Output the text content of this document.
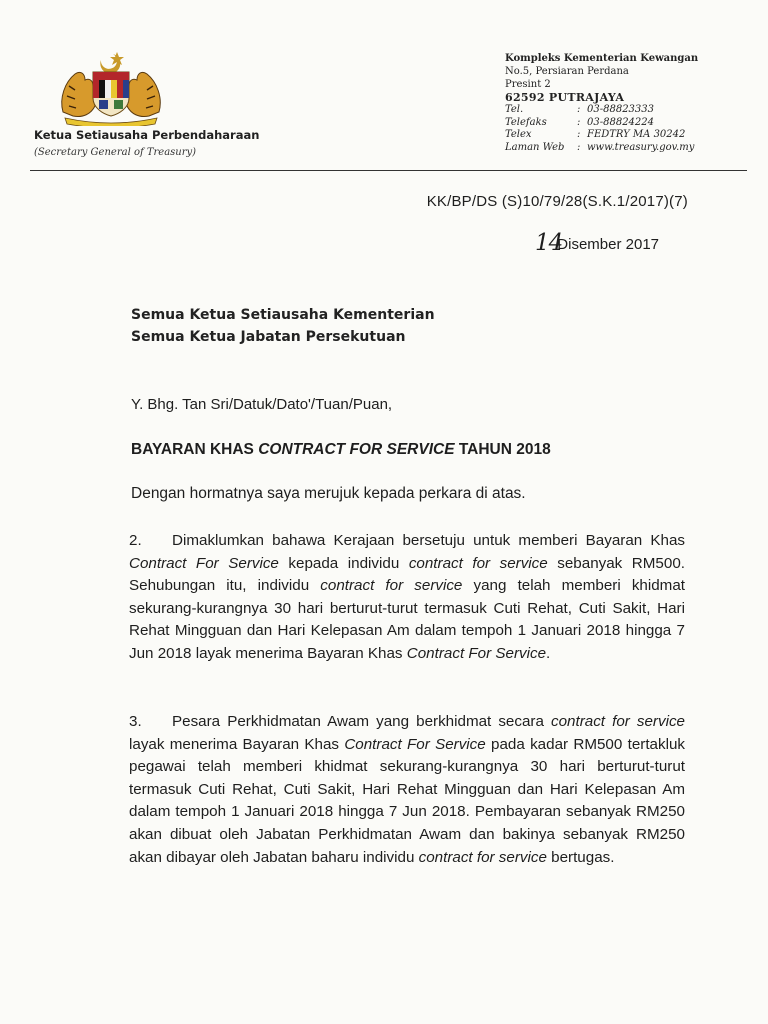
Ketua Setiausaha Perbendaharaan
(Secretary General of Treasury)
Kompleks Kementerian Kewangan
No.5, Persiaran Perdana
Presint 2
62592 PUTRAJAYA
Tel.	: 03-88823333
Telefaks	: 03-88824224
Telex	: FEDTRY MA 30242
Laman Web	: www.treasury.gov.my
KK/BP/DS (S)10/79/28(S.K.1/2017)(7)
14Disember 2017
Semua Ketua Setiausaha Kementerian
Semua Ketua Jabatan Persekutuan
Y. Bhg. Tan Sri/Datuk/Dato'/Tuan/Puan,
BAYARAN KHAS CONTRACT FOR SERVICE TAHUN 2018
Dengan hormatnya saya merujuk kepada perkara di atas.
2. Dimaklumkan bahawa Kerajaan bersetuju untuk memberi Bayaran Khas Contract For Service kepada individu contract for service sebanyak RM500. Sehubungan itu, individu contract for service yang telah memberi khidmat sekurang-kurangnya 30 hari berturut-turut termasuk Cuti Rehat, Cuti Sakit, Hari Rehat Mingguan dan Hari Kelepasan Am dalam tempoh 1 Januari 2018 hingga 7 Jun 2018 layak menerima Bayaran Khas Contract For Service.
3. Pesara Perkhidmatan Awam yang berkhidmat secara contract for service layak menerima Bayaran Khas Contract For Service pada kadar RM500 tertakluk pegawai telah memberi khidmat sekurang-kurangnya 30 hari berturut-turut termasuk Cuti Rehat, Cuti Sakit, Hari Rehat Mingguan dan Hari Kelepasan Am dalam tempoh 1 Januari 2018 hingga 7 Jun 2018. Pembayaran sebanyak RM250 akan dibuat oleh Jabatan Perkhidmatan Awam dan bakinya sebanyak RM250 akan dibayar oleh Jabatan baharu individu contract for service bertugas.
